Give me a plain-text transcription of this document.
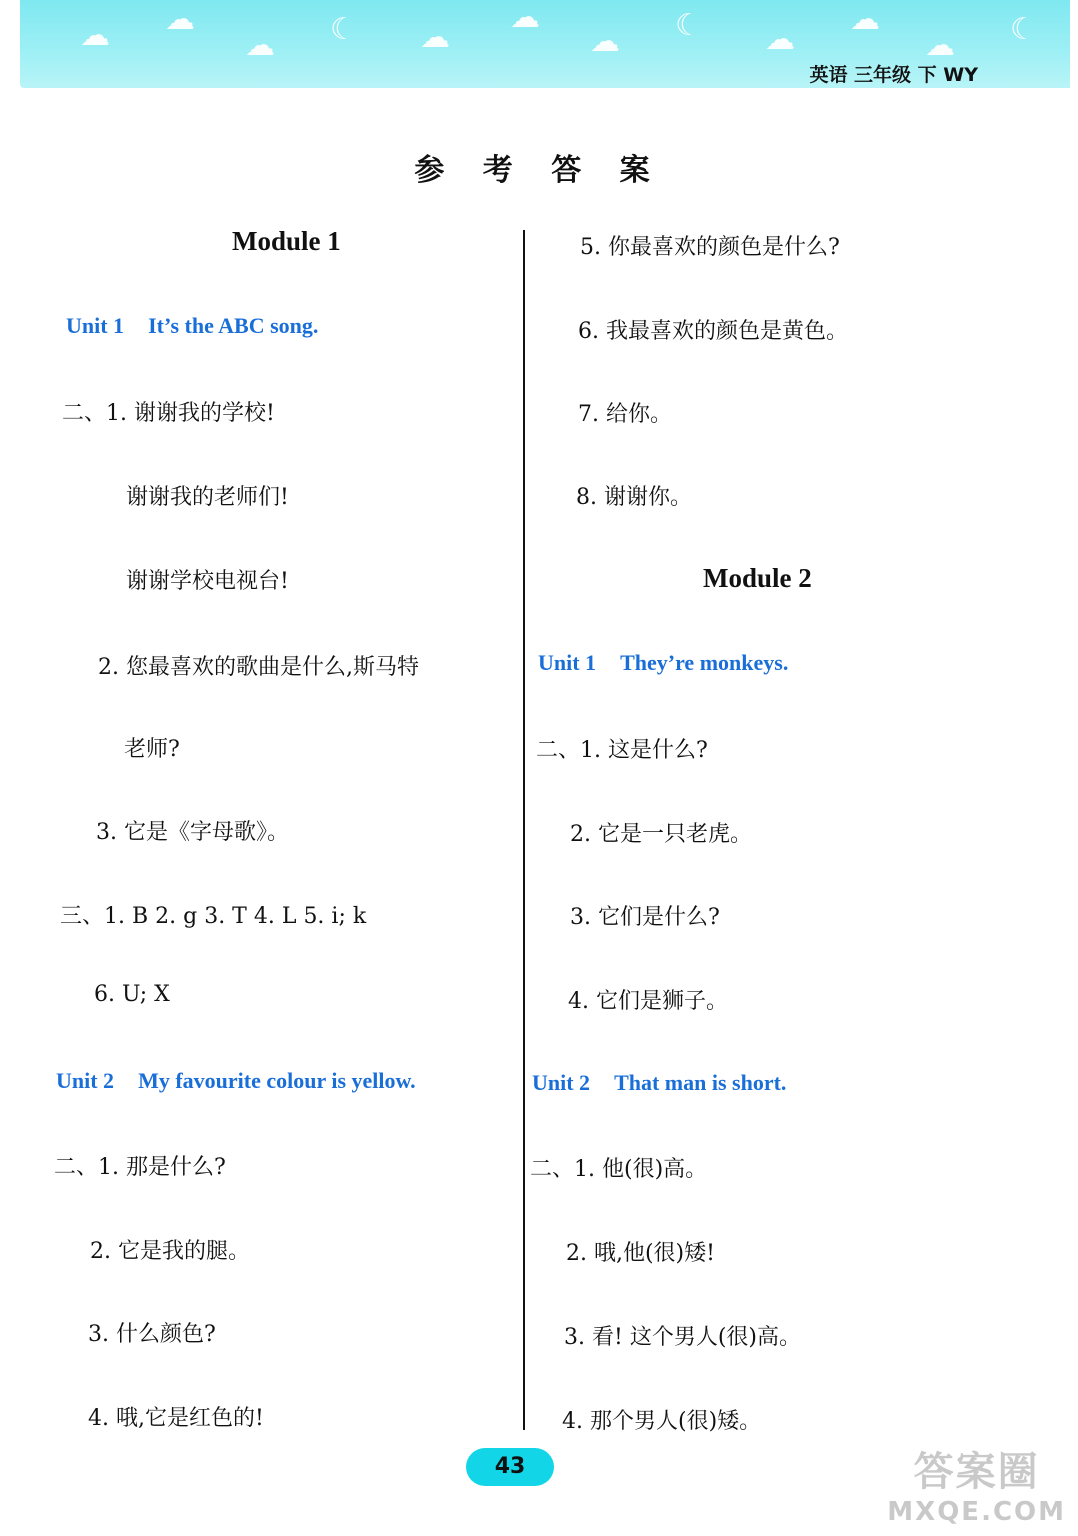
☁ ☁
☁ ☾ ☁
☁
☁ ☾ ☁
☁
☁ ☾
英语 三年级 下 WY
参 考 答 案
Module 1
Unit 1 It’s the ABC song.
二、1. 谢谢我的学校!
谢谢我的老师们!
谢谢学校电视台!
2. 您最喜欢的歌曲是什么,斯马特
老师?
3. 它是《字母歌》。
三、1. B 2. g 3. T 4. L 5. i; k
6. U; X
Unit 2 My favourite colour is yellow.
二、1. 那是什么?
2. 它是我的腿。
3. 什么颜色?
4. 哦,它是红色的!
5. 你最喜欢的颜色是什么?
6. 我最喜欢的颜色是黄色。
7. 给你。
8. 谢谢你。
Module 2
Unit 1 They’re monkeys.
二、1. 这是什么?
2. 它是一只老虎。
3. 它们是什么?
4. 它们是狮子。
Unit 2 That man is short.
二、1. 他(很)高。
2. 哦,他(很)矮!
3. 看! 这个男人(很)高。
4. 那个男人(很)矮。
43	答案圈
MXQE.COM
